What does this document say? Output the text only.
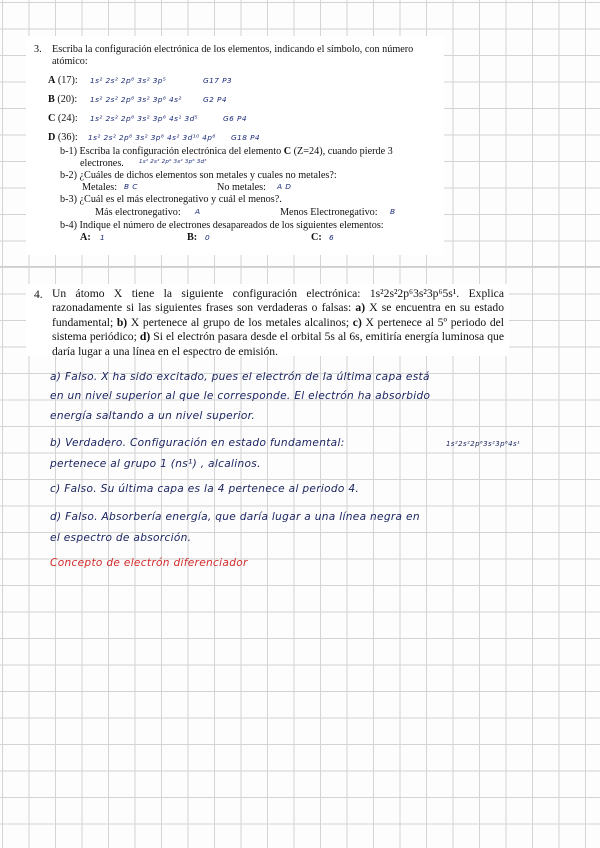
3. Escriba la configuración electrónica de los elementos, indicando el símbolo, con número
atómico:
A (17): 1s² 2s² 2p⁶ 3s² 3p⁵	G17 P3
B (20): 1s² 2s² 2p⁶ 3s² 3p⁶ 4s²	G2 P4
C (24): 1s² 2s² 2p⁶ 3s² 3p⁶ 4s¹ 3d⁵	G6 P4
D (36): 1s² 2s² 2p⁶ 3s² 3p⁶ 4s² 3d¹⁰ 4p⁶ G18 P4
b-1) Escriba la configuración electrónica del elemento C (Z=24), cuando pierde 3
electrones.	1s² 2s² 2p⁶ 3s² 3p⁶ 3d³
b-2) ¿Cuáles de dichos elementos son metales y cuales no metales?:
Metales: B C	No metales: A D
b-3) ¿Cuál es el más electronegativo y cuál el menos?.
Más electronegativo: A	Menos Electronegativo: B
b-4) Indique el número de electrones desapareados de los siguientes elementos:
A: 1	B: 0	C: 6
4. Un átomo X tiene la siguiente configuración electrónica: 1s²2s²2p⁶3s²3p⁶5s¹. Explica razonadamente si las siguientes frases son verdaderas o falsas: a) X se encuentra en su estado fundamental; b) X pertenece al grupo de los metales alcalinos; c) X pertenece al 5º periodo del sistema periódico; d) Si el electrón pasara desde el orbital 5s al 6s, emitiría energía luminosa que daría lugar a una línea en el espectro de emisión.
a) Falso. X ha sido excitado, pues el electrón de la última capa está
en un nivel superior al que le corresponde. El electrón ha absorbido
energía saltando a un nivel superior.
b) Verdadero. Configuración en estado fundamental:	1s²2s²2p⁶3s²3p⁶4s¹
pertenece al grupo 1 (ns¹) , alcalinos.
c) Falso. Su última capa es la 4 pertenece al periodo 4.
d) Falso. Absorbería energía, que daría lugar a una línea negra en
el espectro de absorción.
Concepto de electrón diferenciador
